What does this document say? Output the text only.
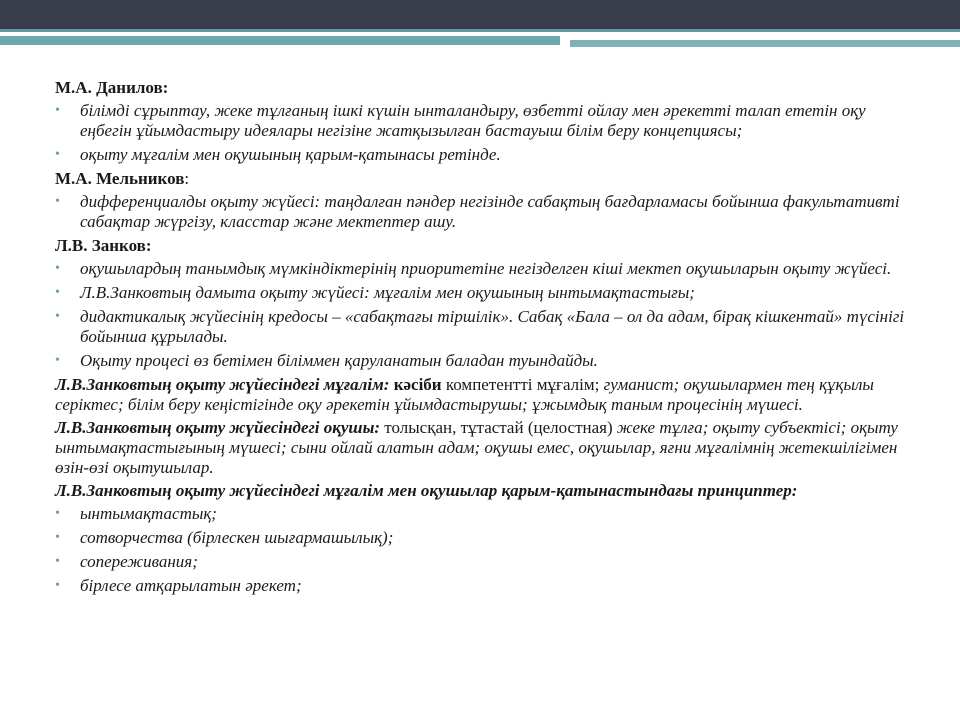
М.А. Данилов:
•	білімді сұрыптау, жеке тұлғаның ішкі күшін ынталандыру, өзбетті ойлау мен әрекетті талап ететін оқу еңбегін ұйымдастыру идеялары негізіне жатқызылған бастауыш білім беру концепциясы;
•	оқыту мұғалім мен оқушының қарым-қатынасы ретінде.
М.А. Мельников:
•	дифференциалды оқыту жүйесі: таңдалған пәндер негізінде сабақтың бағдарламасы бойынша факультативті сабақтар жүргізу, класстар және мектептер ашу.
Л.В. Занков:
•	оқушылардың танымдық мүмкіндіктерінің приоритетіне негізделген кіші мектеп оқушыларын оқыту жүйесі.
•	Л.В.Занковтың дамыта оқыту жүйесі: мұғалім мен оқушының ынтымақтастығы;
•	дидактикалық жүйесінің кредосы – «сабақтағы тіршілік». Сабақ «Бала – ол да адам, бірақ кішкентай» түсінігі бойынша құрылады.
•	Оқыту процесі өз бетімен біліммен қаруланатын баладан туындайды.
Л.В.Занковтың оқыту жүйесіндегі мұғалім: кәсіби компетентті мұғалім; гуманист; оқушылармен тең құқылы серіктес; білім беру кеңістігінде оқу әрекетін ұйымдастырушы; ұжымдық таным процесінің мүшесі.
Л.В.Занковтың оқыту жүйесіндегі оқушы: толысқан, тұтастай (целостная) жеке тұлға; оқыту субъектісі; оқыту ынтымақтастығының мүшесі; сыни ойлай алатын адам; оқушы емес, оқушылар, яғни мұғалімнің жетекшілігімен өзін-өзі оқытушылар.
Л.В.Занковтың оқыту жүйесіндегі мұғалім мен оқушылар қарым-қатынастындағы принциптер:
•	ынтымақтастық;
•	сотворчества (бірлескен шығармашылық);
•	сопереживания;
•	бірлесе атқарылатын әрекет;
